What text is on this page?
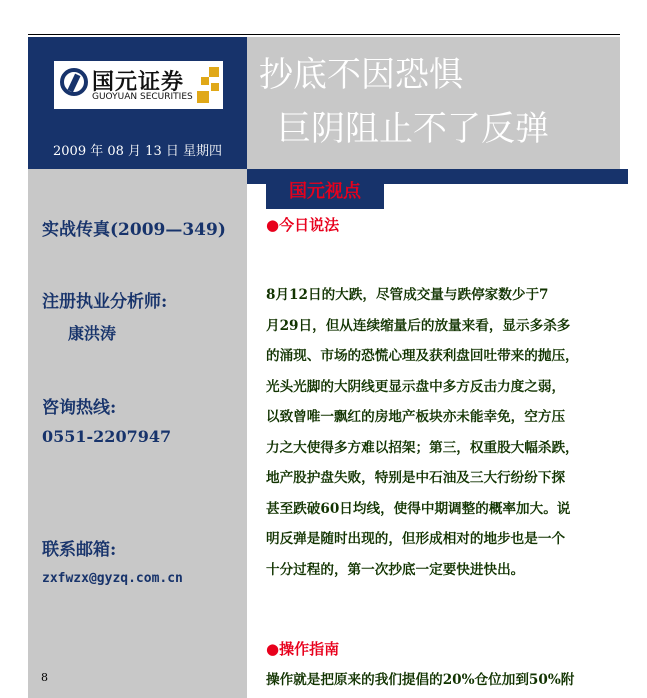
国元证券
GUOYUAN SECURITIES
2009 年 08 月 13 日 星期四
抄底不因恐惧
巨阴阻止不了反弹
实战传真(2009—349)
注册执业分析师:
康洪涛
咨询热线:
0551-2207947
联系邮箱:
zxfwzx@gyzq.com.cn
8
国元视点
●今日说法
8月12日的大跌，尽管成交量与跌停家数少于7
月29日，但从连续缩量后的放量来看，显示多杀多
的涌现、市场的恐慌心理及获利盘回吐带来的抛压，
光头光脚的大阴线更显示盘中多方反击力度之弱，
以致曾唯一飘红的房地产板块亦未能幸免，空方压
力之大使得多方难以招架；第三，权重股大幅杀跌，
地产股护盘失败，特别是中石油及三大行纷纷下探
甚至跌破60日均线，使得中期调整的概率加大。说
明反弹是随时出现的，但形成相对的地步也是一个
十分过程的，第一次抄底一定要快进快出。
●操作指南
操作就是把原来的我们提倡的20%仓位加到50%附
